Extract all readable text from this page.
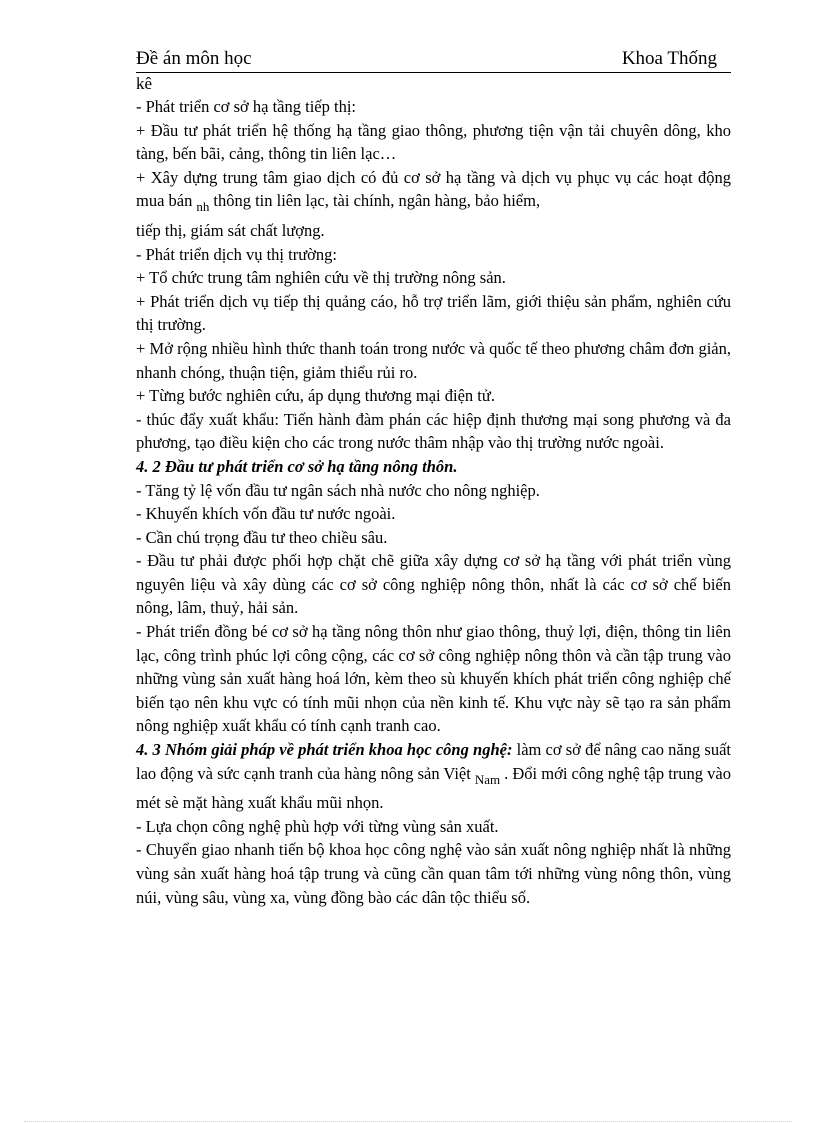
Đề án môn học	Khoa Thống
kê

- Phát triển cơ sở hạ tầng tiếp thị:

+ Đầu tư phát triển hệ thống hạ tầng giao thông, phương tiện vận tải chuyên dông, kho tàng, bến bãi, cảng, thông tin liên lạc…

+ Xây dựng trung tâm giao dịch có đủ cơ sở hạ tầng và dịch vụ phục vụ các hoạt động mua bán $_{nh}$ thông tin liên lạc, tài chính, ngân hàng, bảo hiểm,

tiếp thị, giám sát chất lượng.

- Phát triển dịch vụ thị trường:

+ Tổ chức trung tâm nghiên cứu về thị trường nông sản.

+ Phát triển dịch vụ tiếp thị quảng cáo, hỗ trợ triển lãm, giới thiệu sản phẩm, nghiên cứu thị trường.

+ Mở rộng nhiều hình thức thanh toán trong nước và quốc tế theo phương châm đơn giản, nhanh chóng, thuận tiện, giảm thiểu rủi ro.

+ Từng bước nghiên cứu, áp dụng thương mại điện tử.

- thúc đẩy xuất khẩu: Tiến hành đàm phán các hiệp định thương mại song phương và đa phương, tạo điều kiện cho các trong nước thâm nhập vào thị trường nước ngoài.

4. 2 Đầu tư phát triển cơ sở hạ tầng nông thôn.

- Tăng tỷ lệ vốn đầu tư ngân sách nhà nước cho nông nghiệp.

- Khuyến khích vốn đầu tư nước ngoài.

- Cần chú trọng đầu tư theo chiều sâu.

- Đầu tư phải được phối hợp chặt chẽ giữa xây dựng cơ sở hạ tầng với phát triển vùng nguyên liệu và xây dùng các cơ sở công nghiệp nông thôn, nhất là các cơ sở chế biến nông, lâm, thuỷ, hải sản.

- Phát triển đồng bé cơ sở hạ tầng nông thôn như giao thông, thuỷ lợi, điện, thông tin liên lạc, công trình phúc lợi công cộng, các cơ sở công nghiệp nông thôn và cần tập trung vào những vùng sản xuất hàng hoá lớn, kèm theo sù khuyến khích phát triển công nghiệp chế biến tạo nên khu vực có tính mũi nhọn của nền kinh tế. Khu vực này sẽ tạo ra sản phẩm nông nghiệp xuất khẩu có tính cạnh tranh cao.

4. 3 Nhóm giải pháp về phát triển khoa học công nghệ: làm cơ sở để nâng cao năng suất lao động và sức cạnh tranh của hàng nông sản Việt $_{Nam}$ . Đổi mới công nghệ tập trung vào mét sè mặt hàng xuất khẩu mũi nhọn.

- Lựa chọn công nghệ phù hợp với từng vùng sản xuất.

- Chuyển giao nhanh tiến bộ khoa học công nghệ vào sản xuất nông nghiệp nhất là những vùng sản xuất hàng hoá tập trung và cũng cần quan tâm tới những vùng nông thôn, vùng núi, vùng sâu, vùng xa, vùng đồng bào các dân tộc thiểu số.
